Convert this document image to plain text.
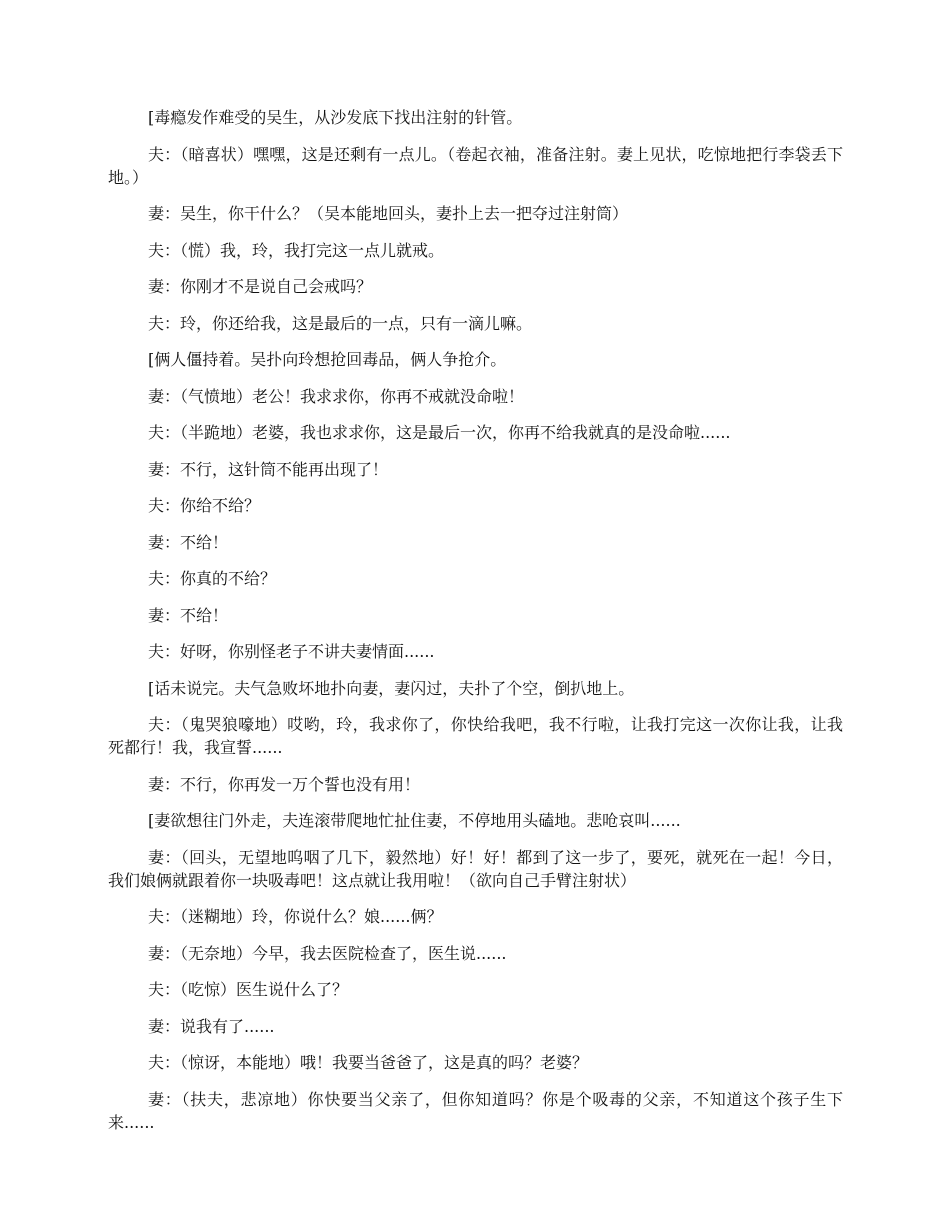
[毒瘾发作难受的吴生，从沙发底下找出注射的针管。

夫：（暗喜状）嘿嘿，这是还剩有一点儿。（卷起衣袖，准备注射。妻上见状，吃惊地把行李袋丢下地。）

妻：吴生，你干什么？（吴本能地回头，妻扑上去一把夺过注射筒）

夫：（慌）我，玲，我打完这一点儿就戒。

妻：你刚才不是说自己会戒吗？

夫：玲，你还给我，这是最后的一点，只有一滴儿嘛。

[俩人僵持着。吴扑向玲想抢回毒品，俩人争抢介。

妻：（气愤地）老公！我求求你，你再不戒就没命啦！

夫：（半跪地）老婆，我也求求你，这是最后一次，你再不给我就真的是没命啦......

妻：不行，这针筒不能再出现了！

夫：你给不给？

妻：不给！

夫：你真的不给？

妻：不给！

夫：好呀，你别怪老子不讲夫妻情面......

[话未说完。夫气急败坏地扑向妻，妻闪过，夫扑了个空，倒扒地上。

夫：（鬼哭狼嚎地）哎哟，玲，我求你了，你快给我吧，我不行啦，让我打完这一次你让我，让我死都行！我，我宣誓......

妻：不行，你再发一万个誓也没有用！

[妻欲想往门外走，夫连滚带爬地忙扯住妻，不停地用头磕地。悲呛哀叫......

妻：（回头，无望地呜咽了几下，毅然地）好！好！都到了这一步了，要死，就死在一起！今日，我们娘俩就跟着你一块吸毒吧！这点就让我用啦！（欲向自己手臂注射状）

夫：（迷糊地）玲，你说什么？娘......俩？

妻：（无奈地）今早，我去医院检查了，医生说......

夫：（吃惊）医生说什么了？

妻：说我有了......

夫：（惊讶，本能地）哦！我要当爸爸了，这是真的吗？老婆？

妻：（扶夫，悲凉地）你快要当父亲了，但你知道吗？你是个吸毒的父亲，不知道这个孩子生下来......
